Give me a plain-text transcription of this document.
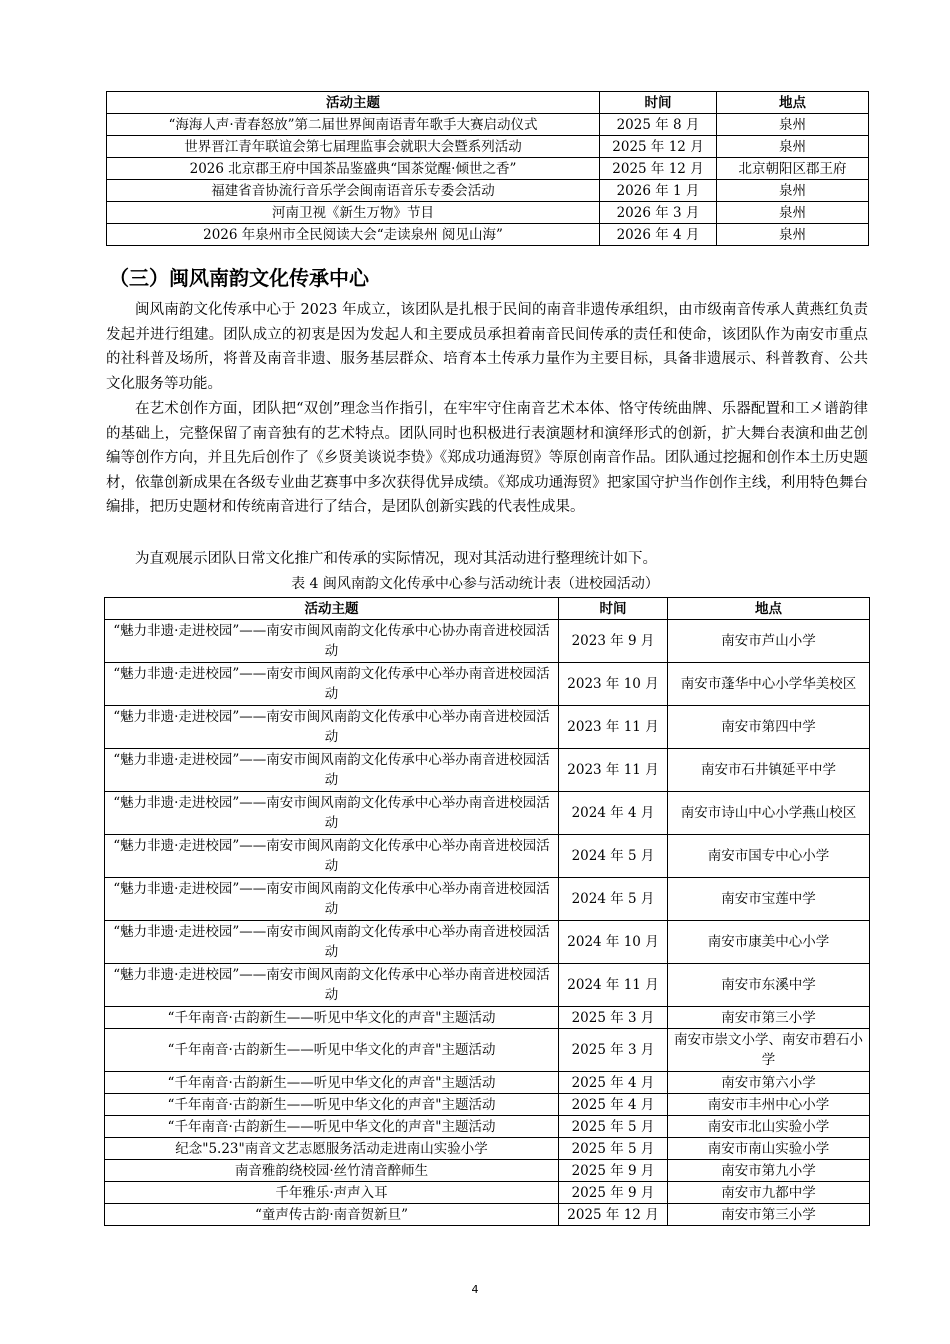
活动主题	时间	地点
“海海人声·青春怒放”第二届世界闽南语青年歌手大赛启动仪式	2025 年 8 月	泉州
世界晋江青年联谊会第七届理监事会就职大会暨系列活动	2025 年 12 月	泉州
2026 北京郡王府中国茶品鉴盛典“国茶觉醒·倾世之香”	2025 年 12 月	北京朝阳区郡王府
福建省音协流行音乐学会闽南语音乐专委会活动	2026 年 1 月	泉州
河南卫视《新生万物》节目	2026 年 3 月	泉州
2026 年泉州市全民阅读大会“走读泉州 阅见山海”	2026 年 4 月	泉州
（三）闽风南韵文化传承中心

闽风南韵文化传承中心于 2023 年成立，该团队是扎根于民间的南音非遗传承组织，由市级南音传承人黄燕红负责发起并进行组建。团队成立的初衷是因为发起人和主要成员承担着南音民间传承的责任和使命，该团队作为南安市重点的社科普及场所，将普及南音非遗、服务基层群众、培育本土传承力量作为主要目标，具备非遗展示、科普教育、公共文化服务等功能。

在艺术创作方面，团队把“双创”理念当作指引，在牢牢守住南音艺术本体、恪守传统曲牌、乐器配置和工㐅谱韵律的基础上，完整保留了南音独有的艺术特点。团队同时也积极进行表演题材和演绎形式的创新，扩大舞台表演和曲艺创编等创作方向，并且先后创作了《乡贤美谈说李贽》《郑成功通海贸》等原创南音作品。团队通过挖掘和创作本土历史题材，依靠创新成果在各级专业曲艺赛事中多次获得优异成绩。《郑成功通海贸》把家国守护当作创作主线，利用特色舞台编排，把历史题材和传统南音进行了结合，是团队创新实践的代表性成果。

为直观展示团队日常文化推广和传承的实际情况，现对其活动进行整理统计如下。

表 4 闽风南韵文化传承中心参与活动统计表（进校园活动）

活动主题	时间	地点
“魅力非遗·走进校园”——南安市闽风南韵文化传承中心协办南音进校园活动	2023 年 9 月	南安市芦山小学
“魅力非遗·走进校园”——南安市闽风南韵文化传承中心举办南音进校园活动	2023 年 10 月	南安市蓬华中心小学华美校区
“魅力非遗·走进校园”——南安市闽风南韵文化传承中心举办南音进校园活动	2023 年 11 月	南安市第四中学
“魅力非遗·走进校园”——南安市闽风南韵文化传承中心举办南音进校园活动	2023 年 11 月	南安市石井镇延平中学
“魅力非遗·走进校园”——南安市闽风南韵文化传承中心举办南音进校园活动	2024 年 4 月	南安市诗山中心小学燕山校区
“魅力非遗·走进校园”——南安市闽风南韵文化传承中心举办南音进校园活动	2024 年 5 月	南安市国专中心小学
“魅力非遗·走进校园”——南安市闽风南韵文化传承中心举办南音进校园活动	2024 年 5 月	南安市宝莲中学
“魅力非遗·走进校园”——南安市闽风南韵文化传承中心举办南音进校园活动	2024 年 10 月	南安市康美中心小学
“魅力非遗·走进校园”——南安市闽风南韵文化传承中心举办南音进校园活动	2024 年 11 月	南安市东溪中学
“千年南音·古韵新生——听见中华文化的声音"主题活动	2025 年 3 月	南安市第三小学
“千年南音·古韵新生——听见中华文化的声音"主题活动	2025 年 3 月	南安市崇文小学、南安市碧石小学
“千年南音·古韵新生——听见中华文化的声音"主题活动	2025 年 4 月	南安市第六小学
“千年南音·古韵新生——听见中华文化的声音"主题活动	2025 年 4 月	南安市丰州中心小学
“千年南音·古韵新生——听见中华文化的声音"主题活动	2025 年 5 月	南安市北山实验小学
纪念"5.23"南音文艺志愿服务活动走进南山实验小学	2025 年 5 月	南安市南山实验小学
南音雅韵绕校园·丝竹清音醉师生	2025 年 9 月	南安市第九小学
千年雅乐·声声入耳	2025 年 9 月	南安市九都中学
“童声传古韵·南音贺新旦”	2025 年 12 月	南安市第三小学
4
